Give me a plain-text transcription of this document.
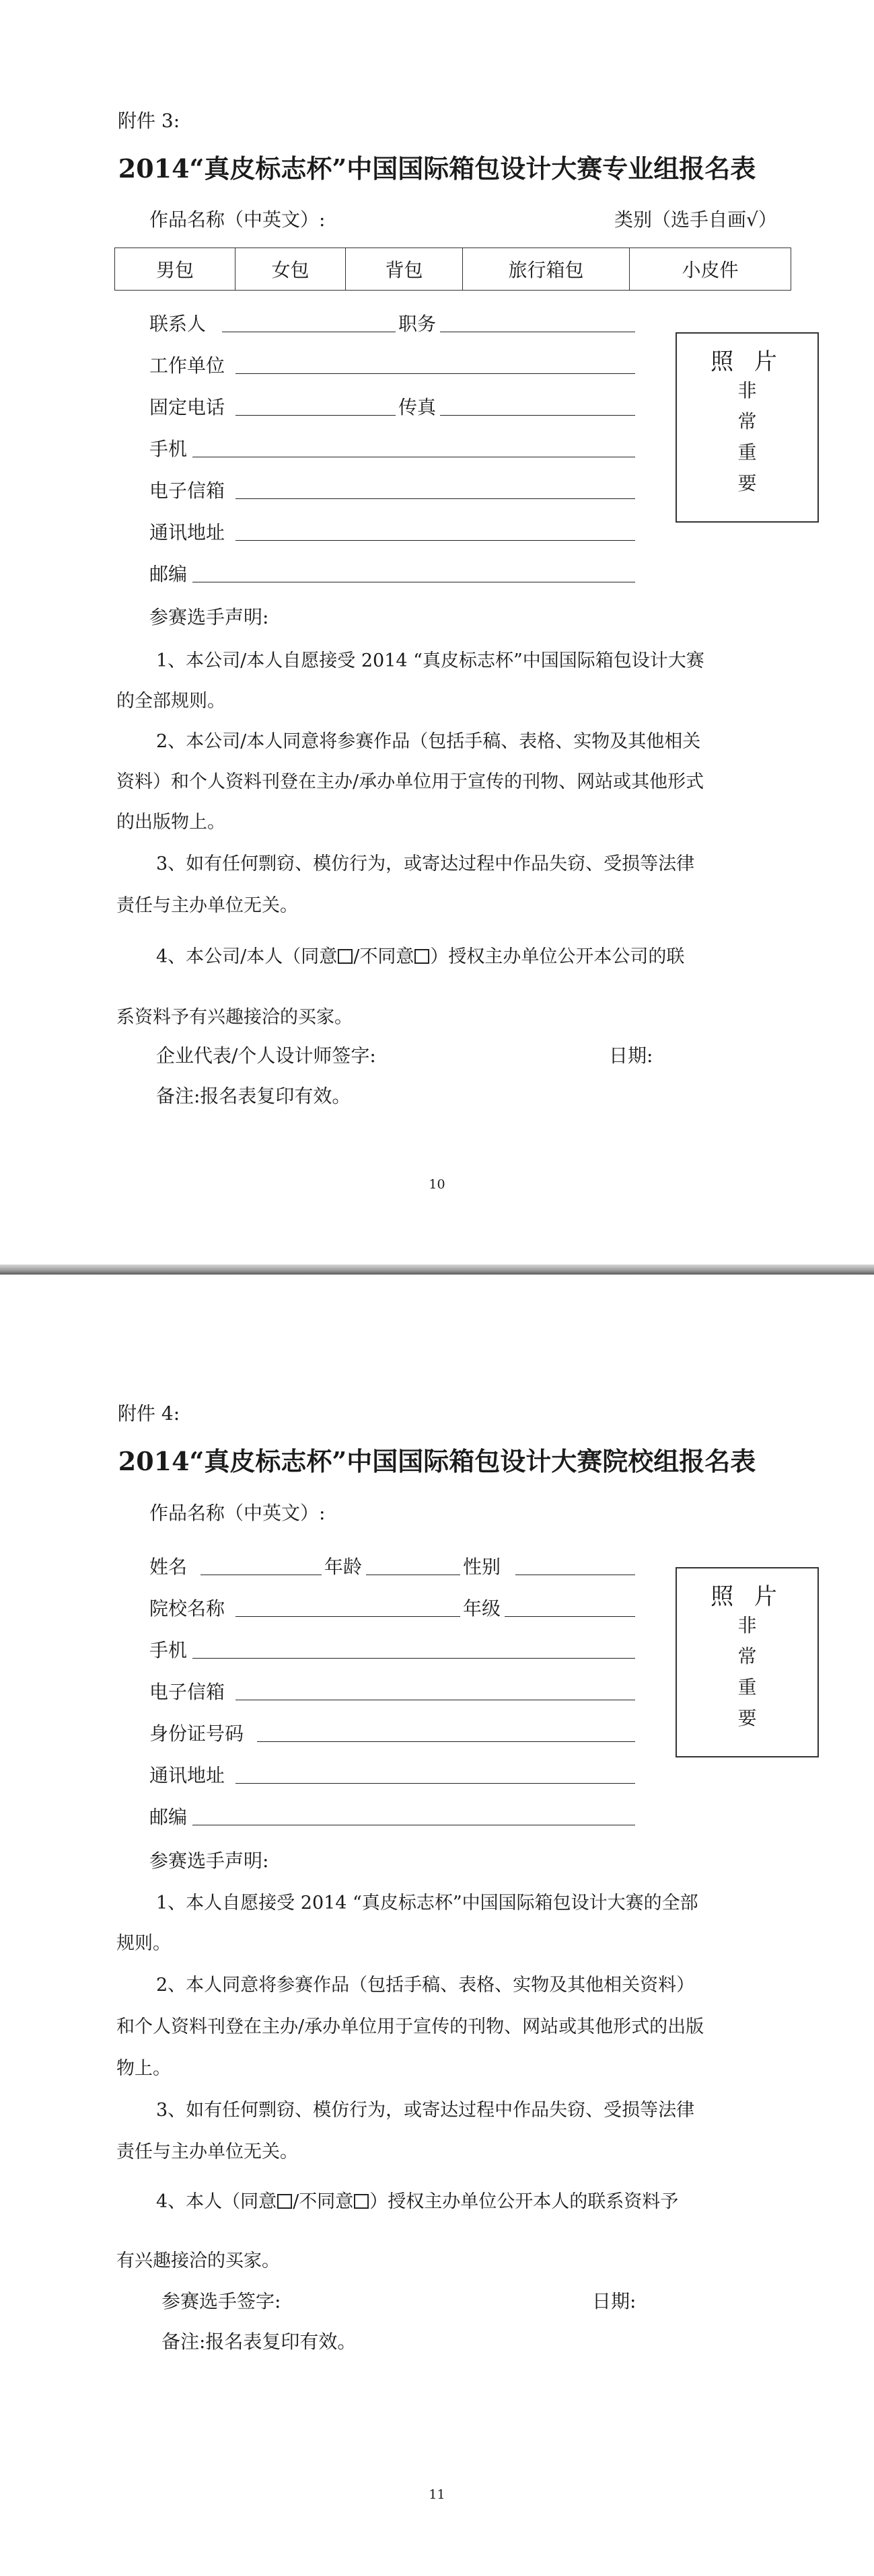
附件 3:
2014“真皮标志杯”中国国际箱包设计大赛专业组报名表
作品名称（中英文）:	类别（选手自画√）
男包	女包	背包	旅行箱包	小皮件
联系人	职务
工作单位
固定电话	传真
手机
电子信箱
通讯地址
邮编
照 片
非
常
重
要
参赛选手声明:
1、本公司/本人自愿接受 2014 “真皮标志杯”中国国际箱包设计大赛
的全部规则。
2、本公司/本人同意将参赛作品（包括手稿、表格、实物及其他相关
资料）和个人资料刊登在主办/承办单位用于宣传的刊物、网站或其他形式
的出版物上。
3、如有任何剽窃、模仿行为，或寄达过程中作品失窃、受损等法律
责任与主办单位无关。
4、本公司/本人（同意 /不同意 ）授权主办单位公开本公司的联
系资料予有兴趣接洽的买家。
企业代表/个人设计师签字:	日期:
备注:报名表复印有效。
10
附件 4:
2014“真皮标志杯”中国国际箱包设计大赛院校组报名表
作品名称（中英文）:
姓名	年龄	性别
院校名称	年级
手机
电子信箱
身份证号码
通讯地址
邮编
照 片
非
常
重
要
参赛选手声明:
1、本人自愿接受 2014 “真皮标志杯”中国国际箱包设计大赛的全部
规则。
2、本人同意将参赛作品（包括手稿、表格、实物及其他相关资料）
和个人资料刊登在主办/承办单位用于宣传的刊物、网站或其他形式的出版
物上。
3、如有任何剽窃、模仿行为，或寄达过程中作品失窃、受损等法律
责任与主办单位无关。
4、本人（同意 /不同意 ）授权主办单位公开本人的联系资料予
有兴趣接洽的买家。
参赛选手签字:	日期:
备注:报名表复印有效。
11
